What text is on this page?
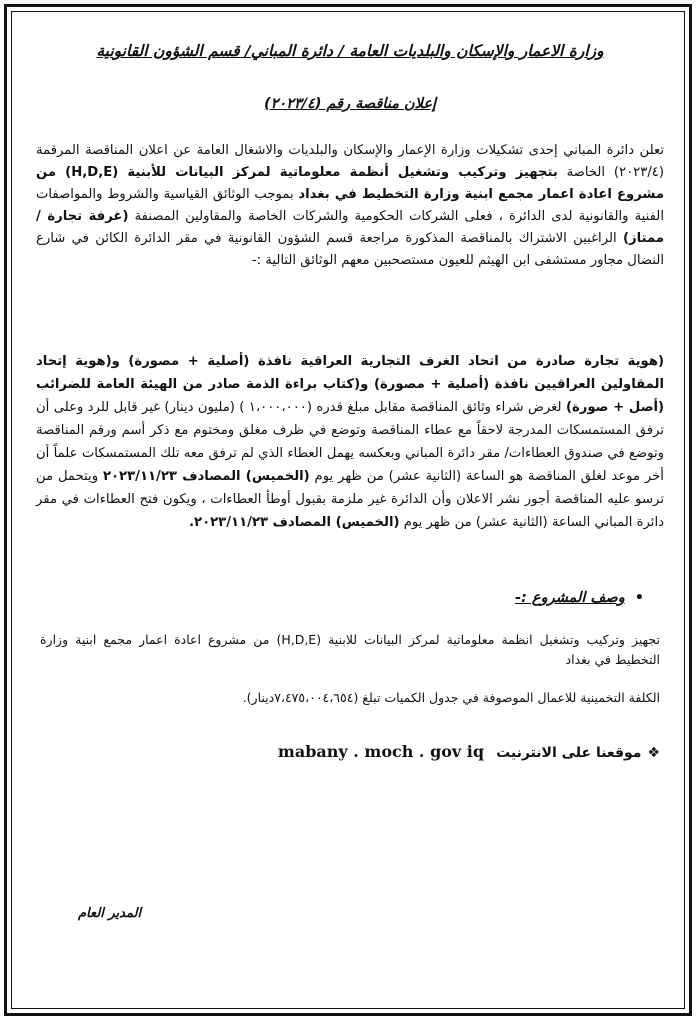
وزارة الاعمار والإسكان والبلديات العامة / دائرة المباني/ قسم الشؤون القانونية
إعلان مناقصة رقم (٢٠٢٣/٤)
تعلن دائرة المباني إحدى تشكيلات وزارة الإعمار والإسكان والبلديات والاشغال العامة عن اعلان المناقصة المرقمة (٢٠٢٣/٤) الخاصة بتجهيز وتركيب وتشغيل أنظمة معلوماتية لمركز البيانات للأبنية (H,D,E) من مشروع اعادة اعمار مجمع ابنية وزارة التخطيط في بغداد بموجب الوثائق القياسية والشروط والمواصفات الفنية والقانونية لدى الدائرة ، فعلى الشركات الحكومية والشركات الخاصة والمقاولين المصنفة (غرفة تجارة / ممتاز) الراغبين الاشتراك بالمناقصة المذكورة مراجعة قسم الشؤون القانونية في مقر الدائرة الكائن في شارع النضال مجاور مستشفى ابن الهيثم للعيون مستصحبين معهم الوثائق التالية :-
(هوية تجارة صادرة من اتحاد الغرف التجارية العراقية نافذة (أصلية + مصورة) و(هوية إتحاد المقاولين العراقيين نافذة (أصلية + مصورة) و(كتاب براءة الذمة صادر من الهيئة العامة للضرائب (أصل + صورة) لغرض شراء وثائق المناقصة مقابل مبلغ قدره (١،٠٠٠،٠٠٠ ) (مليون دينار) غير قابل للرد وعلى أن ترفق المستمسكات المدرجة لاحقاً مع عطاء المناقصة وتوضع في ظرف مغلق ومختوم مع ذكر أسم ورقم المناقصة وتوضع في صندوق العطاءات/ مقر دائرة المباني وبعكسه يهمل العطاء الذي لم ترفق معه تلك المستمسكات علماً أن أخر موعد لغلق المناقصة هو الساعة (الثانية عشر) من ظهر يوم (الخميس) المصادف ٢٠٢٣/١١/٢٣ ويتحمل من ترسو عليه المناقصة أجور نشر الاعلان وأن الدائرة غير ملزمة بقبول أوطأ العطاءات ، ويكون فتح العطاءات في مقر دائرة المباني الساعة (الثانية عشر) من ظهر يوم (الخميس) المصادف ٢٠٢٣/١١/٢٣.
• وصف المشروع :-
تجهيز وتركيب وتشغيل انظمة معلوماتية لمركز البيانات للابنية (H,D,E) من مشروع اعادة اعمار مجمع ابنية وزارة التخطيط في بغداد
الكلفة التخمينية للاعمال الموصوفة في جدول الكميات تبلغ (٧،٤٧٥،٠٠٤،٦٥٤دينار).
❖موقعنا على الانترنيتmabany . moch . gov iq
المدير العام
